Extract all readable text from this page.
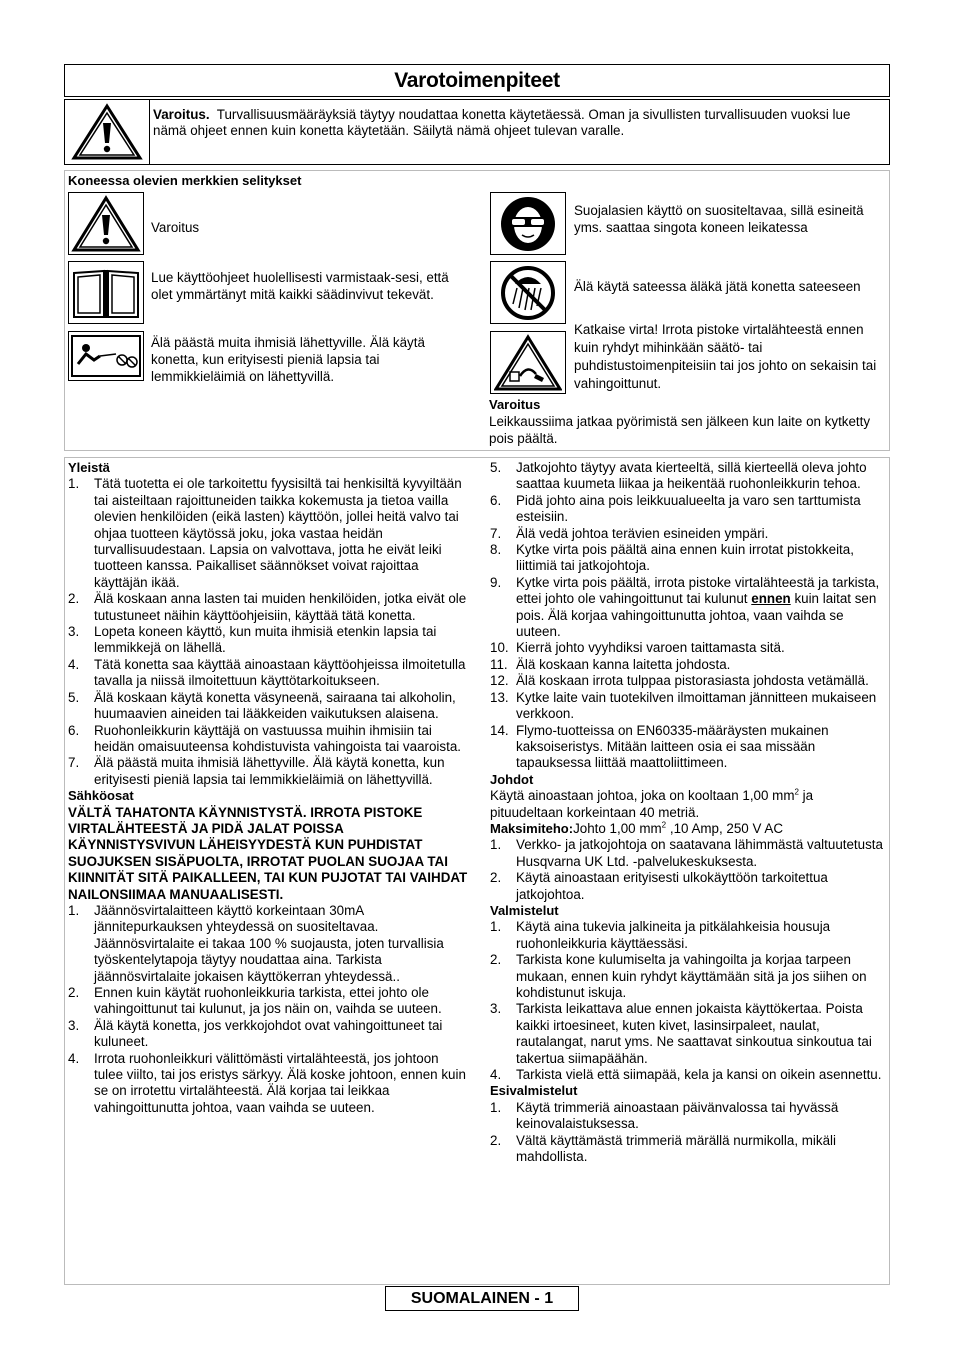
Varotoimenpiteet
Varoitus. Turvallisuusmääräyksiä täytyy noudattaa konetta käytetäessä. Oman ja sivullisten turvallisuuden vuoksi lue nämä ohjeet ennen kuin konetta käytetään. Säilytä nämä ohjeet tulevan varalle.
Koneessa olevien merkkien selitykset
Varoitus
Lue käyttöohjeet huolellisesti varmistaak-sesi, että olet ymmärtänyt mitä kaikki säädinvivut tekevät.
Älä päästä muita ihmisiä lähettyville. Älä käytä konetta, kun erityisesti pieniä lapsia tai lemmikkieläimiä on lähettyvillä.
Suojalasien käyttö on suositeltavaa, sillä esineitä yms. saattaa singota koneen leikatessa
Älä käytä sateessa äläkä jätä konetta sateeseen
Katkaise virta! Irrota pistoke virtalähteestä ennen kuin ryhdyt mihinkään säätö- tai puhdistustoimenpiteisiin tai jos johto on sekaisin tai vahingoittunut.
Varoitus
Leikkaussiima jatkaa pyörimistä sen jälkeen kun laite on kytketty pois päältä.
Yleistä
1.	Tätä tuotetta ei ole tarkoitettu fyysisiltä tai henkisiltä kyvyiltään tai aisteiltaan rajoittuneiden taikka kokemusta ja tietoa vailla olevien henkilöiden (eikä lasten) käyttöön, jollei heitä valvo tai ohjaa tuotteen käytössä joku, joka vastaa heidän turvallisuudestaan. Lapsia on valvottava, jotta he eivät leiki tuotteen kanssa. Paikalliset säännökset voivat rajoittaa käyttäjän ikää.
2.	Älä koskaan anna lasten tai muiden henkilöiden, jotka eivät ole tutustuneet näihin käyttöohjeisiin, käyttää tätä konetta.
3.	Lopeta koneen käyttö, kun muita ihmisiä etenkin lapsia tai lemmikkejä on lähellä.
4.	Tätä konetta saa käyttää ainoastaan käyttöohjeissa ilmoitetulla tavalla ja niissä ilmoitettuun käyttötarkoitukseen.
5.	Älä koskaan käytä konetta väsyneenä, sairaana tai alkoholin, huumaavien aineiden tai lääkkeiden vaikutuksen alaisena.
6.	Ruohonleikkurin käyttäjä on vastuussa muihin ihmisiin tai heidän omaisuuteensa kohdistuvista vahingoista tai vaaroista.
7.	Älä päästä muita ihmisiä lähettyville. Älä käytä konetta, kun erityisesti pieniä lapsia tai lemmikkieläimiä on lähettyvillä.
Sähköosat
VÄLTÄ TAHATONTA KÄYNNISTYSTÄ. IRROTA PISTOKE VIRTALÄHTEESTÄ JA PIDÄ JALAT POISSA KÄYNNISTYSVIVUN LÄHEISYYDESTÄ KUN PUHDISTAT SUOJUKSEN SISÄPUOLTA, IRROTAT PUOLAN SUOJAA TAI KIINNITÄT SITÄ PAIKALLEEN, TAI KUN PUJOTAT TAI VAIHDAT NAILONSIIMAA MANUAALISESTI.
1.	Jäännösvirtalaitteen käyttö korkeintaan 30mA jännitepurkauksen yhteydessä on suositeltavaa. Jäännösvirtalaite ei takaa 100 % suojausta, joten turvallisia työskentelytapoja täytyy noudattaa aina. Tarkista jäännösvirtalaite jokaisen käyttökerran yhteydessä..
2.	Ennen kuin käytät ruohonleikkuria tarkista, ettei johto ole vahingoittunut tai kulunut, ja jos näin on, vaihda se uuteen.
3.	Älä käytä konetta, jos verkkojohdot ovat vahingoittuneet tai kuluneet.
4.	Irrota ruohonleikkuri välittömästi virtalähteestä, jos johtoon tulee viilto, tai jos eristys särkyy. Älä koske johtoon, ennen kuin se on irrotettu virtalähteestä. Älä korjaa tai leikkaa vahingoittunutta johtoa, vaan vaihda se uuteen.
5.	Jatkojohto täytyy avata kierteeltä, sillä kierteellä oleva johto saattaa kuumeta liikaa ja heikentää ruohonleikkurin tehoa.
6.	Pidä johto aina pois leikkuualueelta ja varo sen tarttumista esteisiin.
7.	Älä vedä johtoa terävien esineiden ympäri.
8.	Kytke virta pois päältä aina ennen kuin irrotat pistokkeita, liittimiä tai jatkojohtoja.
9.	Kytke virta pois päältä, irrota pistoke virtalähteestä ja tarkista, ettei johto ole vahingoittunut tai kulunut ennen kuin laitat sen pois. Älä korjaa vahingoittunutta johtoa, vaan vaihda se uuteen.
10. Kierrä johto vyyhdiksi varoen taittamasta sitä.
11. Älä koskaan kanna laitetta johdosta.
12. Älä koskaan irrota tulppaa pistorasiasta johdosta vetämällä.
13. Kytke laite vain tuotekilven ilmoittaman jännitteen mukaiseen verkkoon.
14. Flymo-tuotteissa on EN60335-määräysten mukainen kaksoiseristys. Mitään laitteen osia ei saa missään tapauksessa liittää maattoliittimeen.
Johdot
Käytä ainoastaan johtoa, joka on kooltaan 1,00 $mm^2$ ja pituudeltaan korkeintaan 40 metriä.
Maksimiteho:Johto 1,00 $mm^2$ ,10 Amp, 250 V AC
1.	Verkko- ja jatkojohtoja on saatavana lähimmästä valtuutetusta Husqvarna UK Ltd. -palvelukeskuksesta.
2.	Käytä ainoastaan erityisesti ulkokäyttöön tarkoitettua jatkojohtoa.
Valmistelut
1.	Käytä aina tukevia jalkineita ja pitkälahkeisia housuja ruohonleikkuria käyttäessäsi.
2.	Tarkista kone kulumiselta ja vahingoilta ja korjaa tarpeen mukaan, ennen kuin ryhdyt käyttämään sitä ja jos siihen on kohdistunut iskuja.
3.	Tarkista leikattava alue ennen jokaista käyttökertaa. Poista kaikki irtoesineet, kuten kivet, lasinsirpaleet, naulat, rautalangat, narut yms. Ne saattavat sinkoutua sinkoutua tai takertua siimapäähän.
4.	Tarkista vielä että siimapää, kela ja kansi on oikein asennettu.
Esivalmistelut
1.	Käytä trimmeriä ainoastaan päivänvalossa tai hyvässä keinovalaistuksessa.
2.	Vältä käyttämästä trimmeriä märällä nurmikolla, mikäli mahdollista.
SUOMALAINEN - 1
